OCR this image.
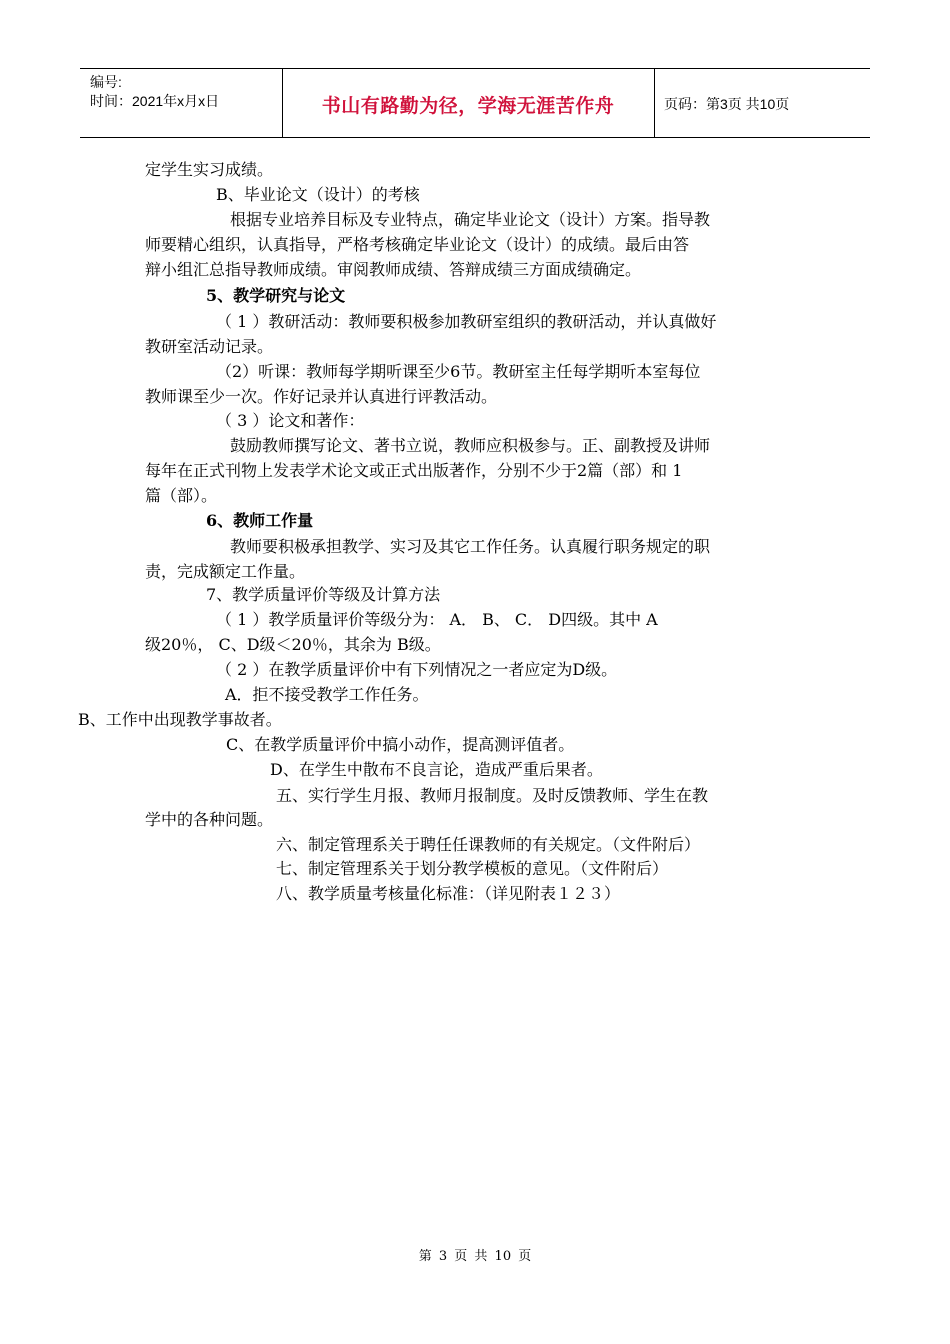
编号:
时间：2021年x月x日	书山有路勤为径，学海无涯苦作舟	页码：第3页 共10页
定学生实习成绩。
B、毕业论文（设计）的考核
根据专业培养目标及专业特点，确定毕业论文（设计）方案。指导教
师要精心组织，认真指导，严格考核确定毕业论文（设计）的成绩。最后由答
辩小组汇总指导教师成绩。审阅教师成绩、答辩成绩三方面成绩确定。
5、教学研究与论文
（ 1 ）教研活动：教师要积极参加教研室组织的教研活动，并认真做好
教研室活动记录。
（2）听课：教师每学期听课至少6节。教研室主任每学期听本室每位
教师课至少一次。作好记录并认真进行评教活动。
（ 3 ）论文和著作：
鼓励教师撰写论文、著书立说，教师应积极参与。正、副教授及讲师
每年在正式刊物上发表学术论文或正式出版著作，分别不少于2篇（部）和 1
篇（部）。
6、教师工作量
教师要积极承担教学、实习及其它工作任务。认真履行职务规定的职
责，完成额定工作量。
7、教学质量评价等级及计算方法
（ 1 ）教学质量评价等级分为： A． B、 C． D四级。其中 A
级20％， C、D级＜20％，其余为 B级。
（ 2 ）在教学质量评价中有下列情况之一者应定为D级。
A．拒不接受教学工作任务。
B、工作中出现教学事故者。
C、在教学质量评价中搞小动作，提高测评值者。
D、在学生中散布不良言论，造成严重后果者。
五、实行学生月报、教师月报制度。及时反馈教师、学生在教
学中的各种问题。
六、制定管理系关于聘任任课教师的有关规定。（文件附后）
七、制定管理系关于划分教学模板的意见。（文件附后）
八、教学质量考核量化标准：（详见附表１２３）
第 3 页 共 10 页
